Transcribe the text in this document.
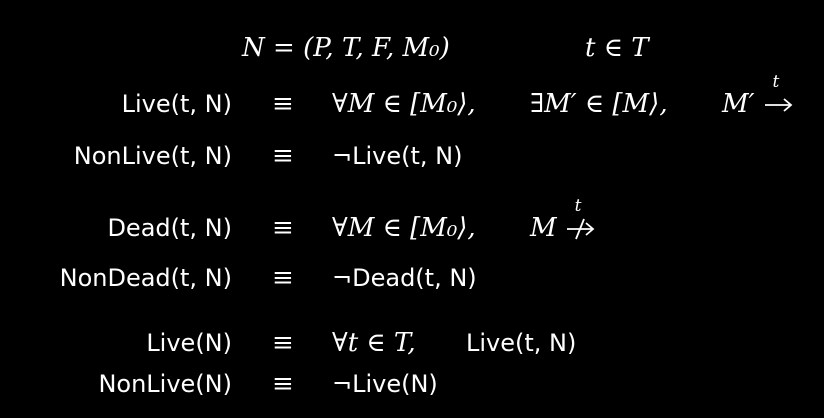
N = (P, T, F, M₀)	t ∈ T
Live(t, N) ≡ ∀M ∈ [M₀⟩, ∃M′ ∈ [M⟩, M′
t
NonLive(t, N) ≡ ¬Live(t, N)
Dead(t, N) ≡ ∀M ∈ [M₀⟩, M
t
NonDead(t, N) ≡ ¬Dead(t, N)
Live(N) ≡ ∀t ∈ T, Live(t, N)
NonLive(N) ≡ ¬Live(N)
